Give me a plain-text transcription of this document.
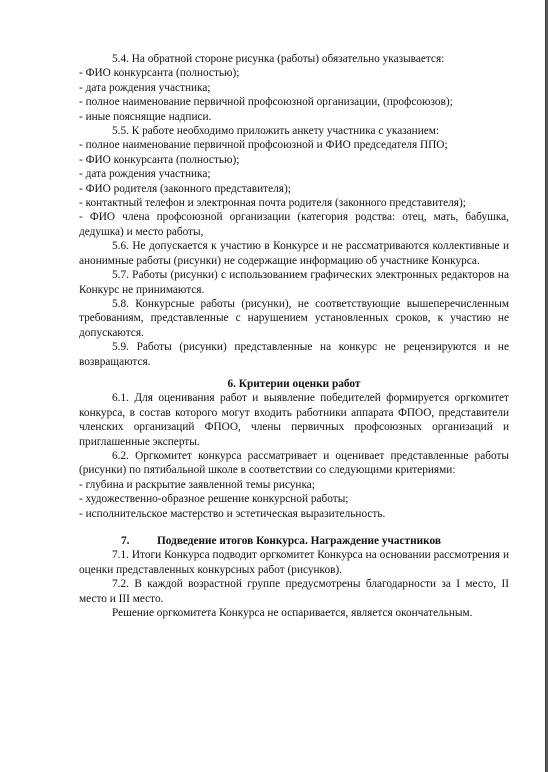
5.4. На обратной стороне рисунка (работы) обязательно указывается:

- ФИО конкурсанта (полностью);

- дата рождения участника;

- полное наименование первичной профсоюзной организации, (профсоюзов);

- иные пояснящие надписи.

5.5. К работе необходимо приложить анкету участника с указанием:

- полное наименование первичной профсоюзной и ФИО председателя ППО;

- ФИО конкурсанта (полностью);

- дата рождения участника;

- ФИО родителя (законного представителя);

- контактный телефон и электронная почта родителя (законного представителя);

- ФИО члена профсоюзной организации (категория родства: отец, мать, бабушка, дедушка) и место работы,

5.6. Не допускается к участию в Конкурсе и не рассматриваются коллективные и анонимные работы (рисунки) не содержащие информацию об участнике Конкурса.

5.7. Работы (рисунки) с использованием графических электронных редакторов на Конкурс не принимаются.

5.8. Конкурсные работы (рисунки), не соответствующие вышеперечисленным требованиям, представленные с нарушением установленных сроков, к участию не допускаются.

5.9. Работы (рисунки) представленные на конкурс не рецензируются и не возвращаются.

6. Критерии оценки работ

6.1. Для оценивания работ и выявление победителей формируется оргкомитет конкурса, в состав которого могут входить работники аппарата ФПОО, представители членских организаций ФПОО, члены первичных профсоюзных организаций и приглашенные эксперты.

6.2. Оргкомитет конкурса рассматривает и оценивает представленные работы (рисунки) по пятибальной школе в соответствии со следующими критериями:

- глубина и раскрытие заявленной темы рисунка;

- художественно-образное решение конкурсной работы;

- исполнительское мастерство и эстетическая выразительность.

7. Подведение итогов Конкурса. Награждение участников

7.1. Итоги Конкурса подводит оргкомитет Конкурса на основании рассмотрения и оценки представленных конкурсных работ (рисунков).

7.2. В каждой возрастной группе предусмотрены благодарности за I место, II место и III место.

Решение оргкомитета Конкурса не оспаривается, является окончательным.
